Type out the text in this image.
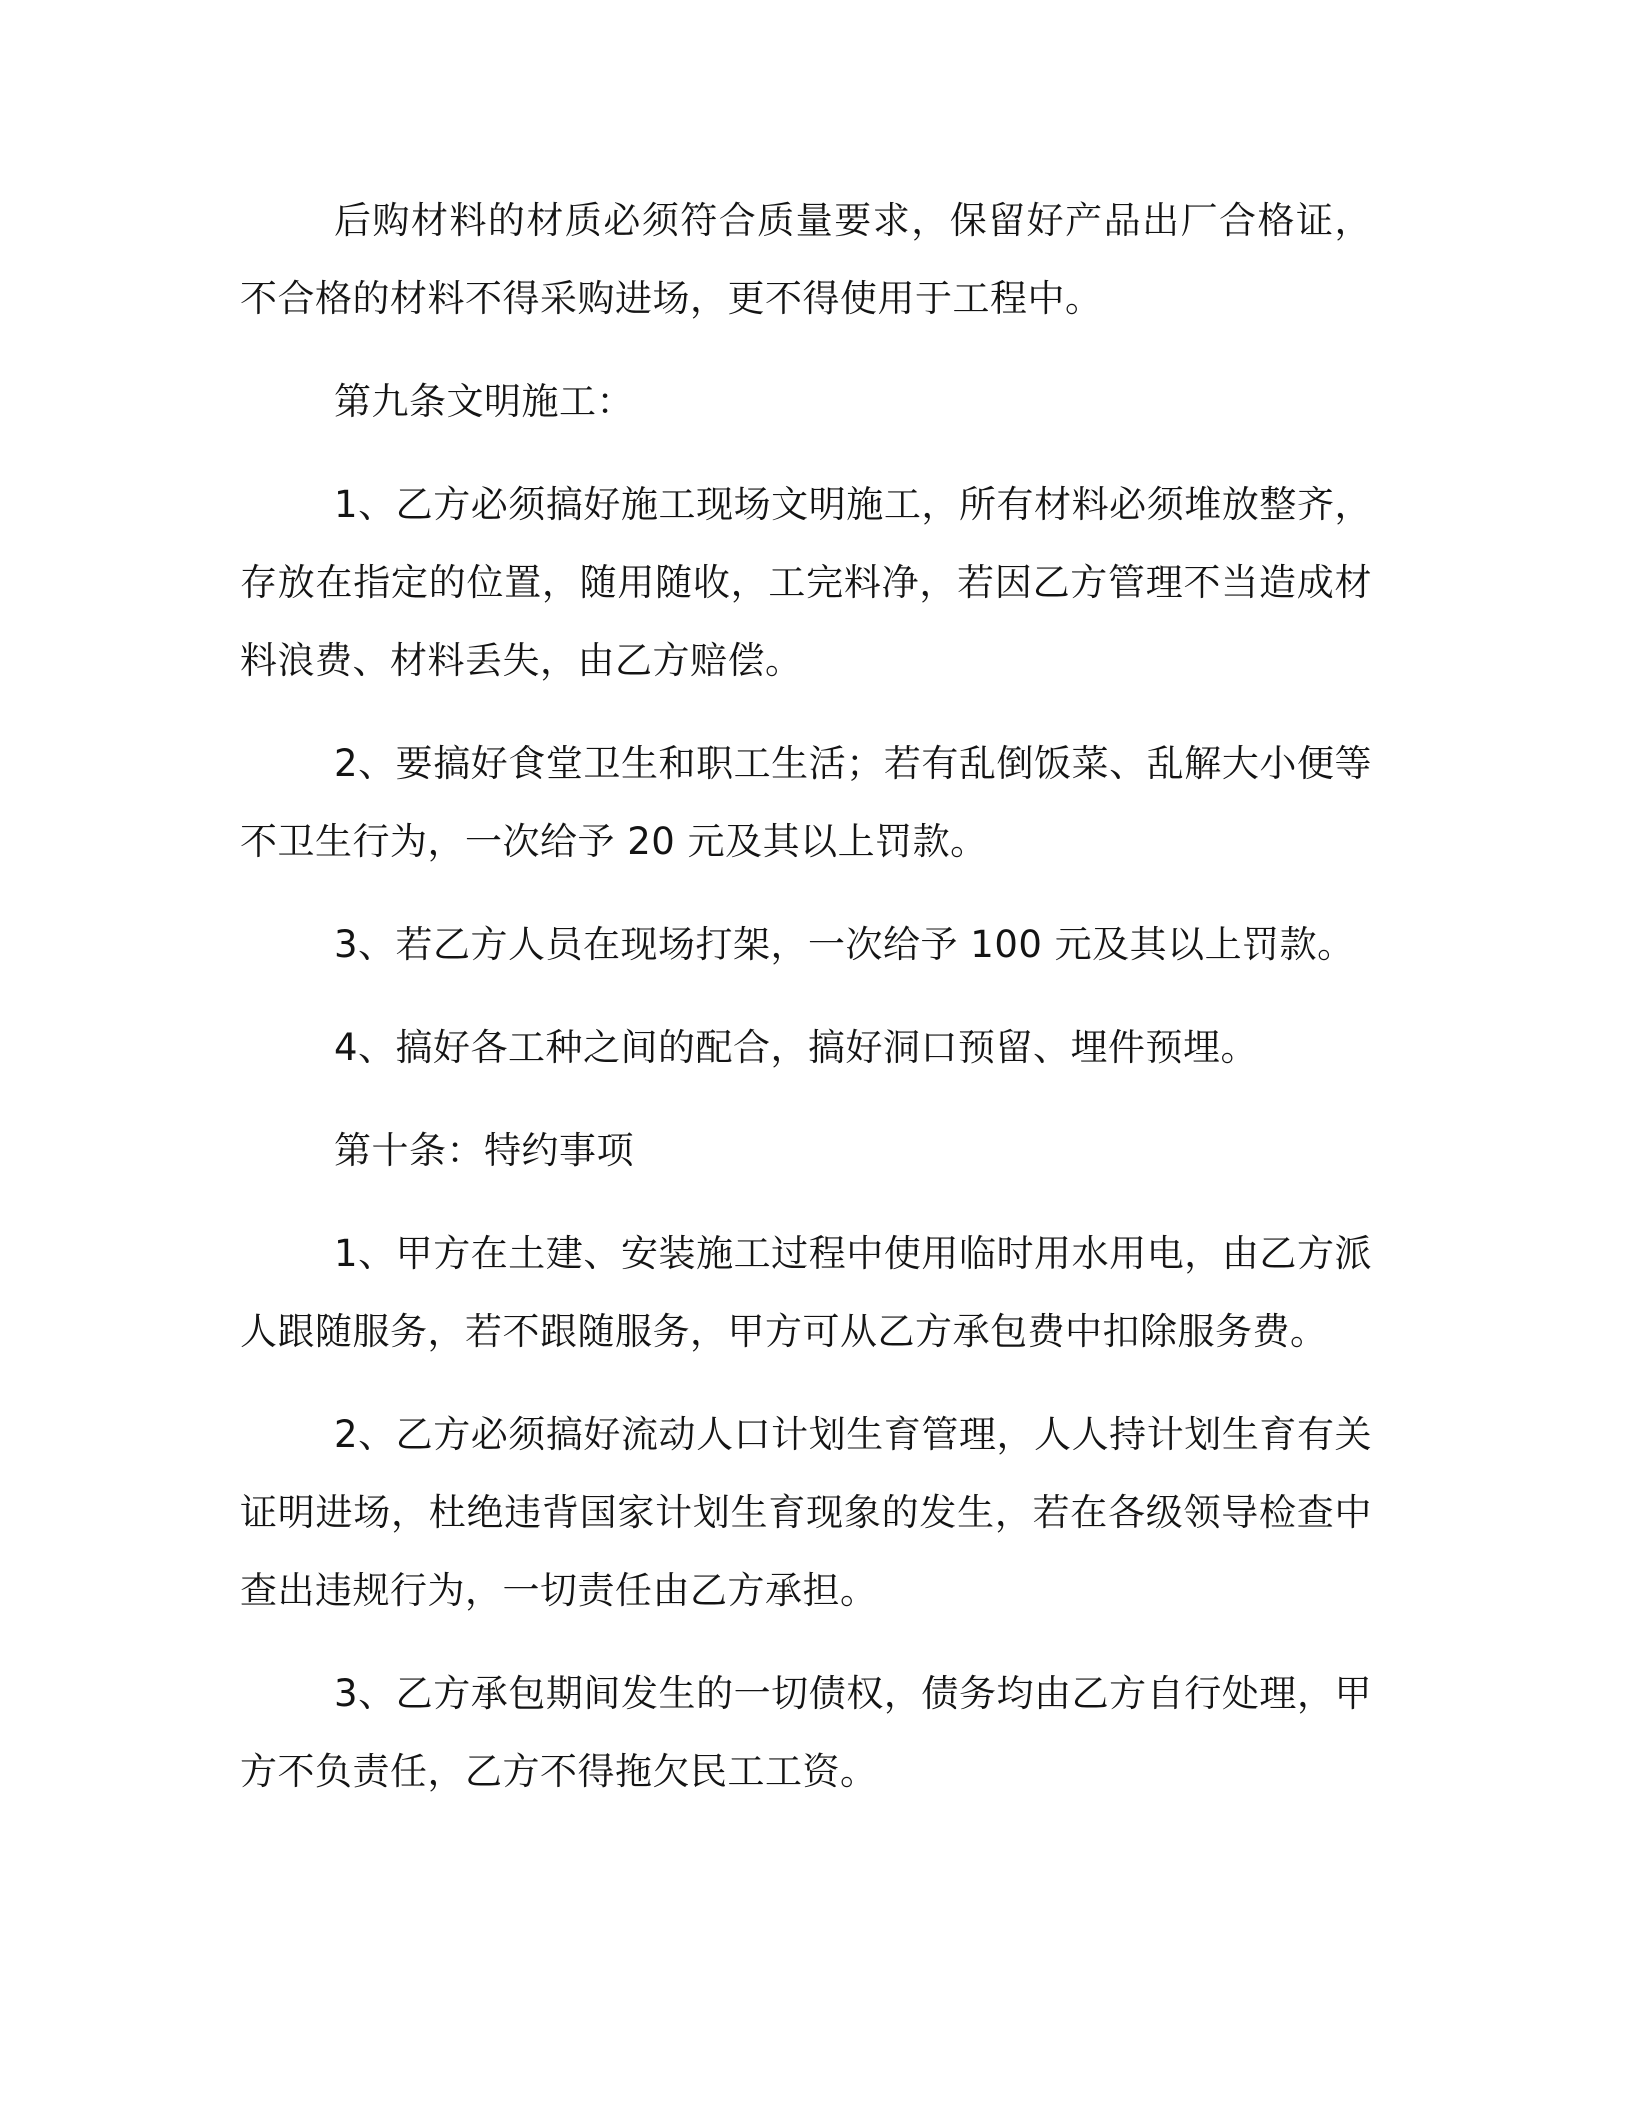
后购材料的材质必须符合质量要求，保留好产品出厂合格证，不合格的材料不得采购进场，更不得使用于工程中。

第九条文明施工：

1、乙方必须搞好施工现场文明施工，所有材料必须堆放整齐，存放在指定的位置，随用随收，工完料净，若因乙方管理不当造成材料浪费、材料丢失，由乙方赔偿。

2、要搞好食堂卫生和职工生活；若有乱倒饭菜、乱解大小便等不卫生行为，一次给予 20 元及其以上罚款。

3、若乙方人员在现场打架，一次给予 100 元及其以上罚款。

4、搞好各工种之间的配合，搞好洞口预留、埋件预埋。

第十条：特约事项

1、甲方在土建、安装施工过程中使用临时用水用电，由乙方派人跟随服务，若不跟随服务，甲方可从乙方承包费中扣除服务费。

2、乙方必须搞好流动人口计划生育管理，人人持计划生育有关证明进场，杜绝违背国家计划生育现象的发生，若在各级领导检查中查出违规行为，一切责任由乙方承担。

3、乙方承包期间发生的一切债权，债务均由乙方自行处理，甲方不负责任，乙方不得拖欠民工工资。
